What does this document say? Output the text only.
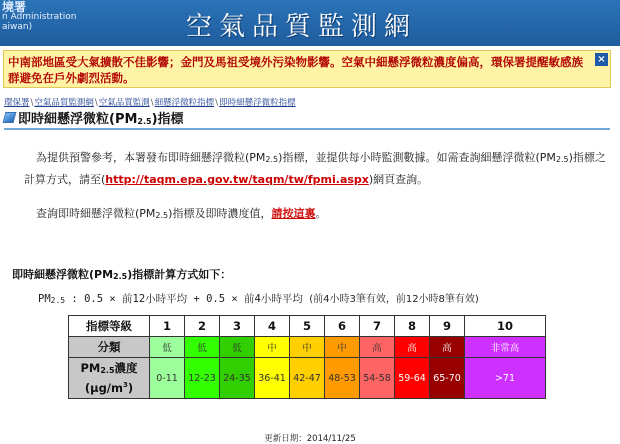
境署
n Administration
aiwan)	空氣品質監測網
中南部地區受大氣擴散不佳影響；金門及馬祖受境外污染物影響。空氣中細懸浮微粒濃度偏高，環保署提醒敏感族群避免在戶外劇烈活動。
×
環保署\空氣品質監測網\空氣品質監測\細懸浮微粒指標\即時細懸浮微粒指標
即時細懸浮微粒(PM2.5)指標
為提供預警參考，本署發布即時細懸浮微粒(PM2.5)指標，並提供每小時監測數據。如需查詢細懸浮微粒(PM2.5)指標之
計算方式，請至(http://taqm.epa.gov.tw/taqm/tw/fpmi.aspx)網頁查詢。
查詢即時細懸浮微粒(PM2.5)指標及即時濃度值，請按這裏。
即時細懸浮微粒(PM2.5)指標計算方式如下：
PM2.5 : 0.5 × 前12小時平均 + 0.5 × 前4小時平均 (前4小時3筆有效，前12小時8筆有效)
指標等級	1	2	3	4	5	6	7	8	9	10
分類	低	低	低	中	中	中	高	高	高	非常高
PM2.5濃度
$(\mu g/m^3)$	0-11	12-23	24-35	36-41	42-47	48-53	54-58	59-64	65-70	>71
更新日期：2014/11/25
